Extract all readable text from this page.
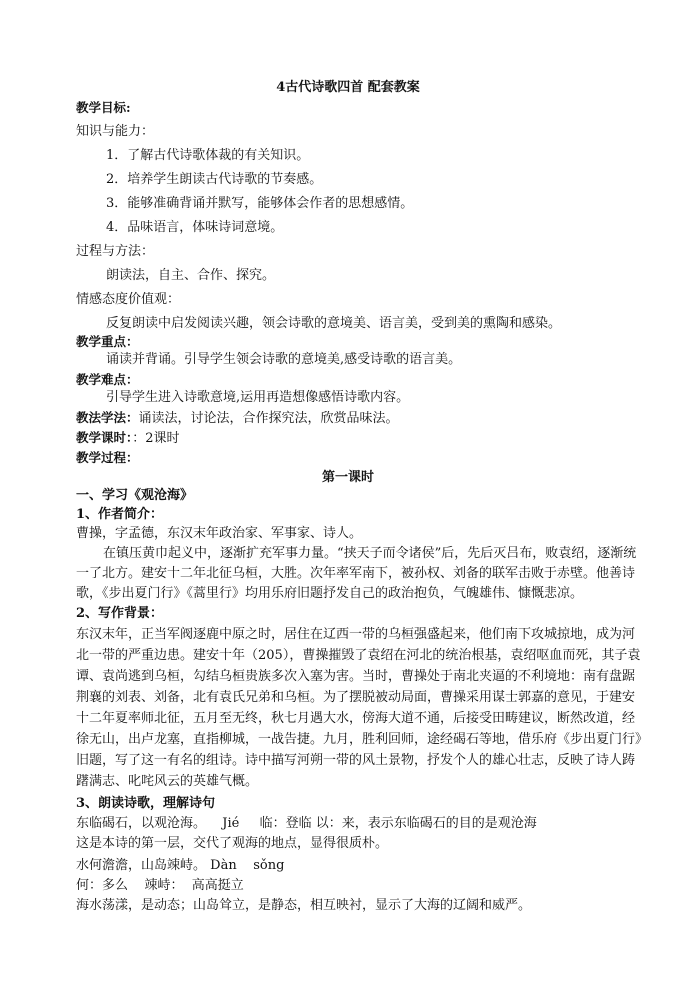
4古代诗歌四首 配套教案
教学目标:
知识与能力：
1．了解古代诗歌体裁的有关知识。
2．培养学生朗读古代诗歌的节奏感。
3．能够准确背诵并默写，能够体会作者的思想感情。
4．品味语言，体味诗词意境。
过程与方法：
朗读法，自主、合作、探究。
情感态度价值观：
反复朗读中启发阅读兴趣，领会诗歌的意境美、语言美，受到美的熏陶和感染。
教学重点：
诵读并背诵。引导学生领会诗歌的意境美,感受诗歌的语言美。
教学难点：
引导学生进入诗歌意境,运用再造想像感悟诗歌内容。
教法学法：诵读法，讨论法，合作探究法，欣赏品味法。
教学课时：：2课时
教学过程：
第一课时
一、学习《观沧海》
1、作者简介：
曹操，字孟德，东汉末年政治家、军事家、诗人。
在镇压黄巾起义中，逐渐扩充军事力量。“挟天子而令诸侯”后，先后灭吕布，败袁绍，逐渐统
一了北方。建安十二年北征乌桓，大胜。次年率军南下，被孙权、刘备的联军击败于赤壁。他善诗
歌，《步出夏门行》《蒿里行》均用乐府旧题抒发自己的政治抱负，气魄雄伟、慷慨悲凉。
2、写作背景：
东汉末年，正当军阀逐鹿中原之时，居住在辽西一带的乌桓强盛起来，他们南下攻城掠地，成为河
北一带的严重边患。建安十年（205），曹操摧毁了袁绍在河北的统治根基，袁绍呕血而死，其子袁
谭、袁尚逃到乌桓，勾结乌桓贵族多次入塞为害。当时，曹操处于南北夹逼的不利境地：南有盘踞
荆襄的刘表、刘备，北有袁氏兄弟和乌桓。为了摆脱被动局面，曹操采用谋士郭嘉的意见，于建安
十二年夏率师北征，五月至无终，秋七月遇大水，傍海大道不通，后接受田畴建议，断然改道，经
徐无山，出卢龙塞，直指柳城，一战告捷。九月，胜利回师，途经碣石等地，借乐府《步出夏门行》
旧题，写了这一有名的组诗。诗中描写河朔一带的风土景物，抒发个人的雄心壮志，反映了诗人踌
躇满志、叱咤风云的英雄气概。
3、朗读诗歌，理解诗句
东临碣石，以观沧海。 Jié 临：登临 以：来，表示东临碣石的目的是观沧海
这是本诗的第一层，交代了观海的地点，显得很质朴。
水何澹澹，山岛竦峙。 Dàn    sǒng
何：多么    竦峙：  高高挺立
海水荡漾，是动态；山岛耸立，是静态，相互映衬，显示了大海的辽阔和威严。
